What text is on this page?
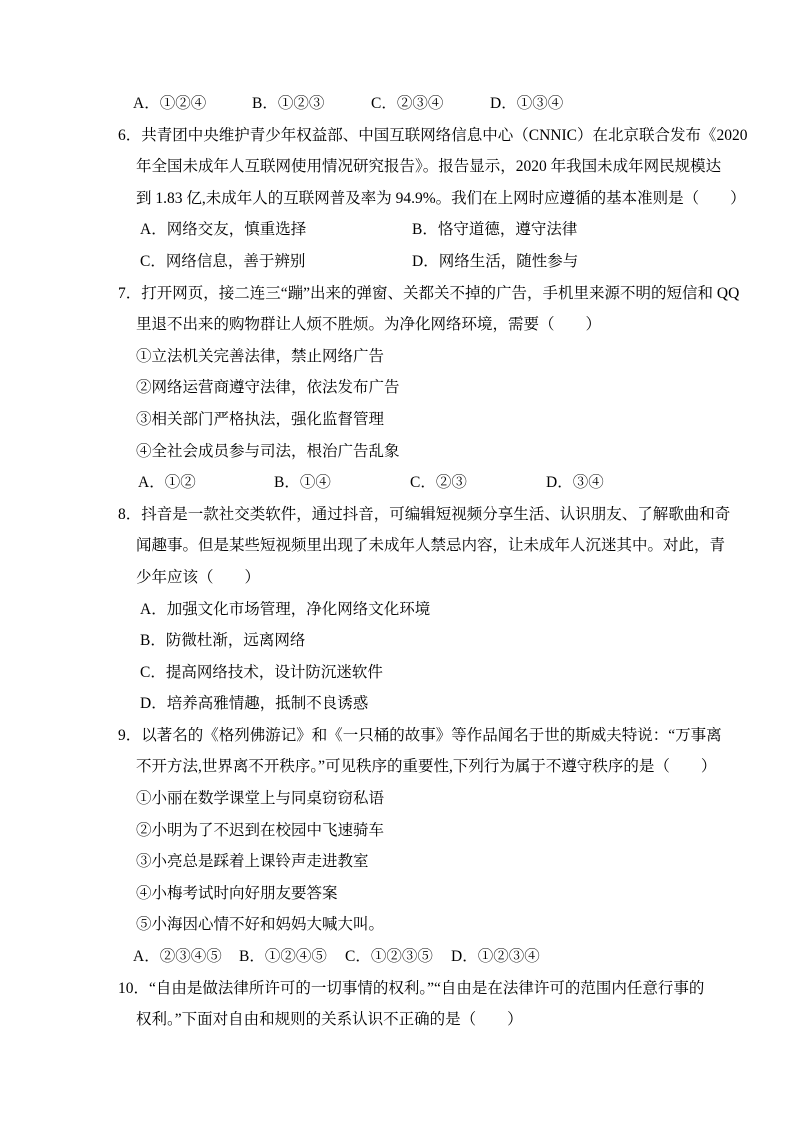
A．①②④	B．①②③	C．②③④	D．①③④
6．共青团中央维护青少年权益部、中国互联网络信息中心（CNNIC）在北京联合发布《2020
年全国未成年人互联网使用情况研究报告》。报告显示，2020 年我国未成年网民规模达
到 1.83 亿,未成年人的互联网普及率为 94.9%。我们在上网时应遵循的基本准则是（　　）
A．网络交友，慎重选择	B．恪守道德，遵守法律
C．网络信息，善于辨别	D．网络生活，随性参与
7．打开网页，接二连三“蹦”出来的弹窗、关都关不掉的广告，手机里来源不明的短信和 QQ
里退不出来的购物群让人烦不胜烦。为净化网络环境，需要（　　）
①立法机关完善法律，禁止网络广告
②网络运营商遵守法律，依法发布广告
③相关部门严格执法，强化监督管理
④全社会成员参与司法，根治广告乱象
A．①②	B．①④	C．②③	D．③④
8．抖音是一款社交类软件，通过抖音，可编辑短视频分享生活、认识朋友、了解歌曲和奇
闻趣事。但是某些短视频里出现了未成年人禁忌内容，让未成年人沉迷其中。对此，青
少年应该（　　）
A．加强文化市场管理，净化网络文化环境
B．防微杜渐，远离网络
C．提高网络技术，设计防沉迷软件
D．培养高雅情趣，抵制不良诱惑
9．以著名的《格列佛游记》和《一只桶的故事》等作品闻名于世的斯威夫特说：“万事离
不开方法,世界离不开秩序。”可见秩序的重要性,下列行为属于不遵守秩序的是（　　）
①小丽在数学课堂上与同桌窃窃私语
②小明为了不迟到在校园中飞速骑车
③小亮总是踩着上课铃声走进教室
④小梅考试时向好朋友要答案
⑤小海因心情不好和妈妈大喊大叫。
A．②③④⑤ B．①②④⑤ C．①②③⑤ D．①②③④
10．“自由是做法律所许可的一切事情的权利。”“自由是在法律许可的范围内任意行事的
权利。”下面对自由和规则的关系认识不正确的是（　　）
